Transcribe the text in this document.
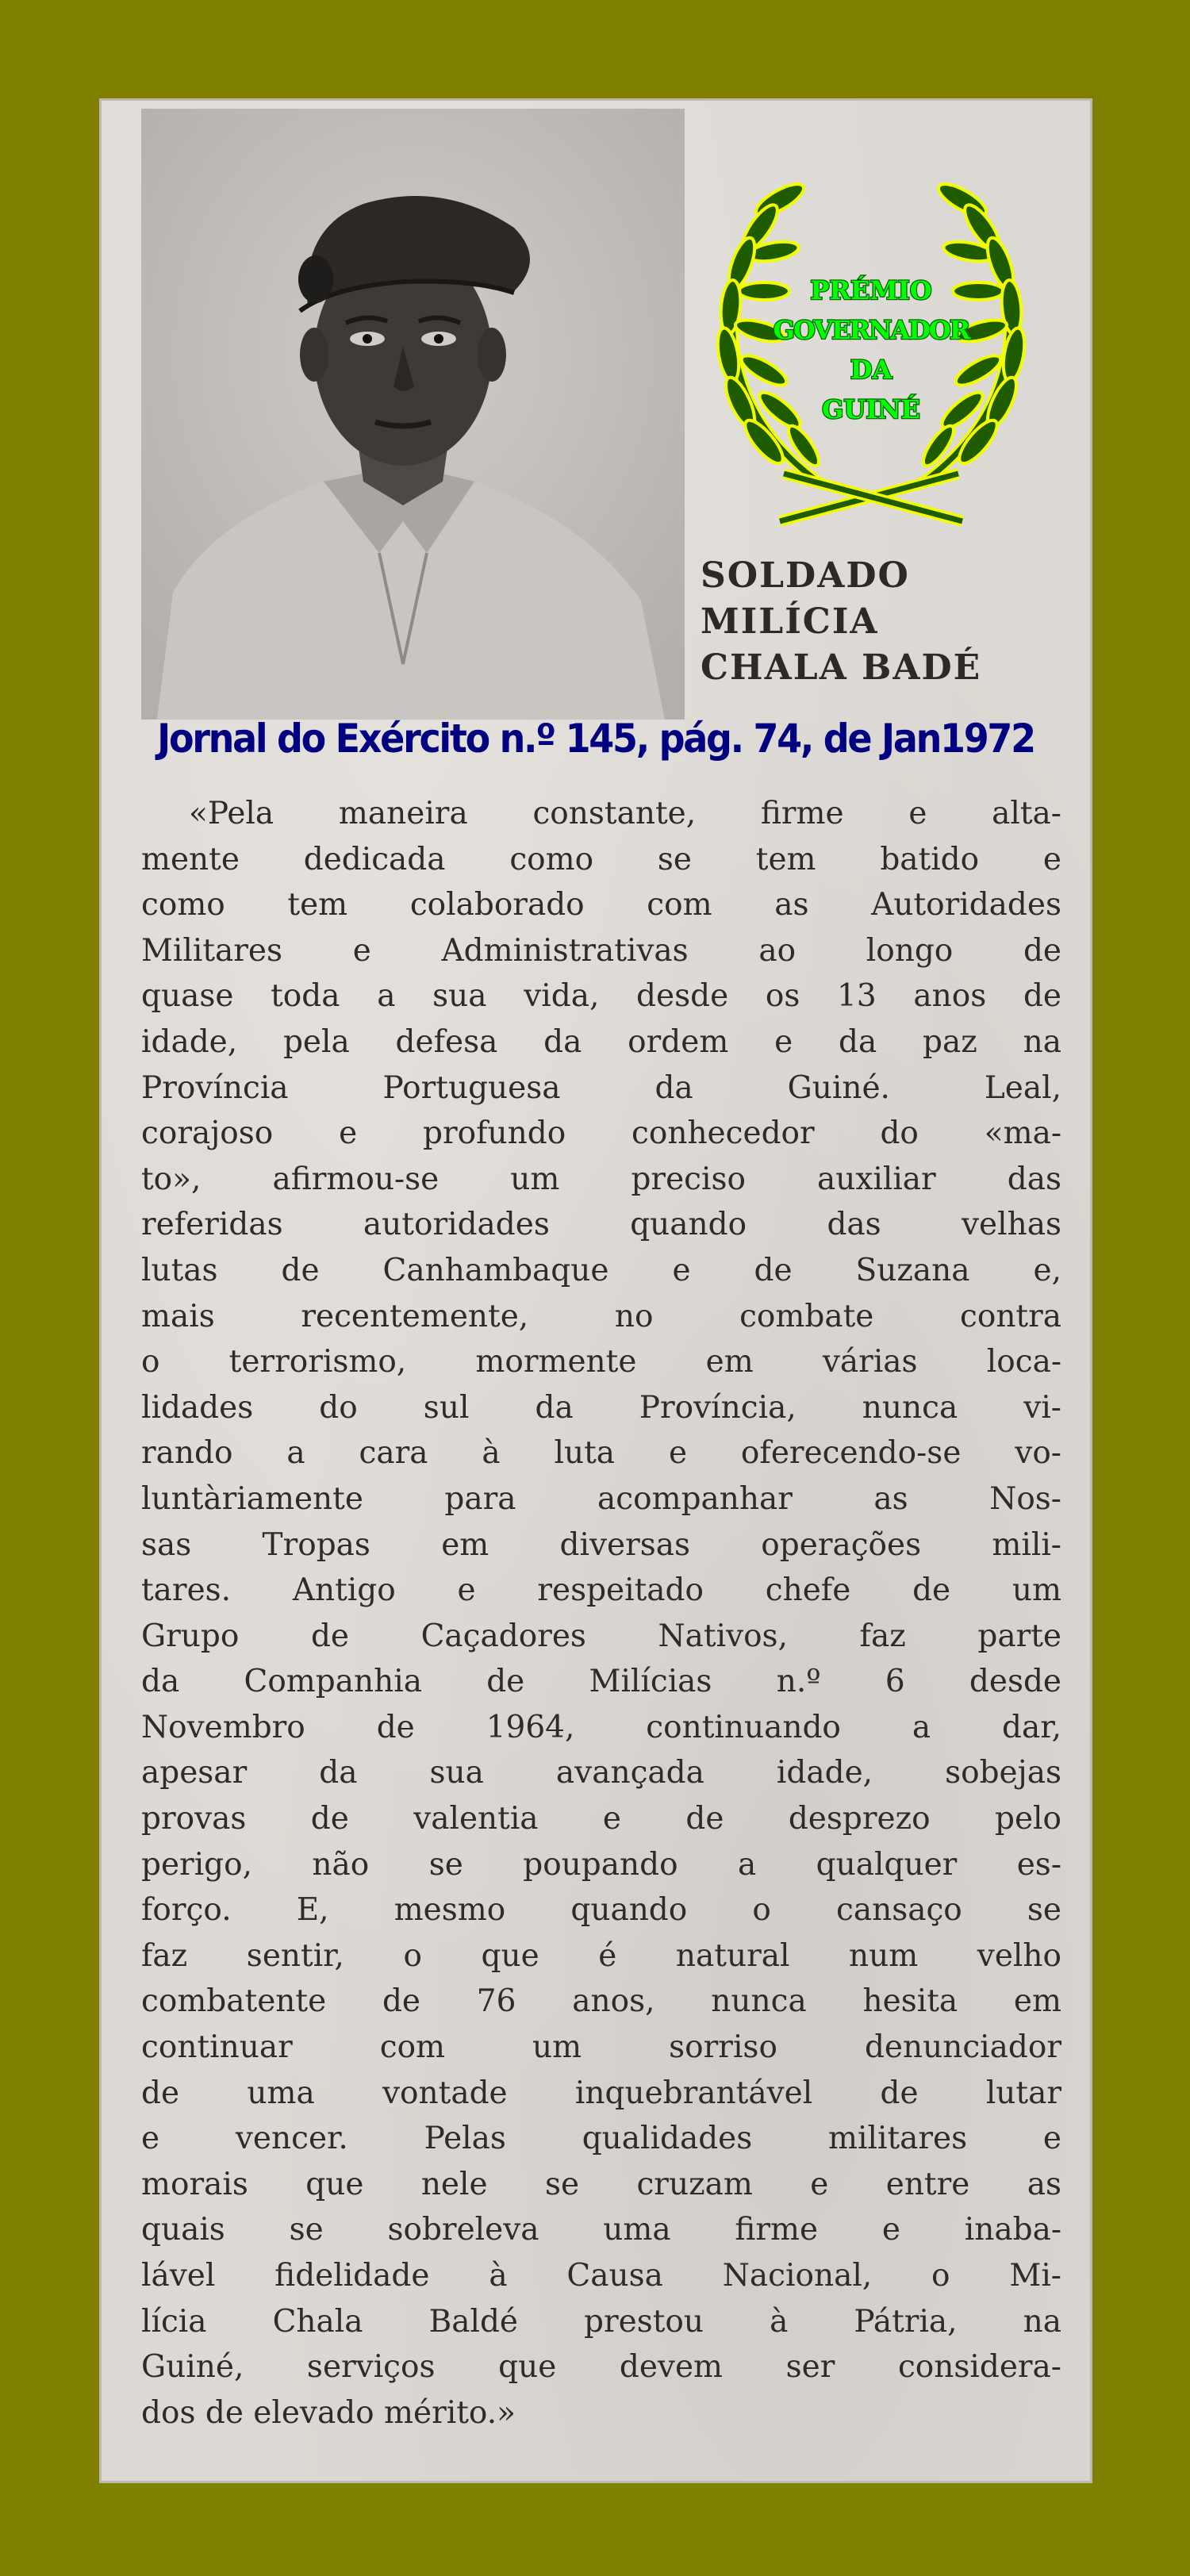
PRÉMIO
GOVERNADOR
DA
GUINÉ
SOLDADO
MILÍCIA
CHALA BADÉ
Jornal do Exército n.º 145, pág. 74, de Jan1972
«Pela maneira constante, firme e alta-
mente dedicada como se tem batido e
como tem colaborado com as Autoridades
Militares e Administrativas ao longo de
quase toda a sua vida, desde os 13 anos de
idade, pela defesa da ordem e da paz na
Província Portuguesa da Guiné. Leal,
corajoso e profundo conhecedor do «ma-
to», afirmou-se um preciso auxiliar das
referidas autoridades quando das velhas
lutas de Canhambaque e de Suzana e,
mais recentemente, no combate contra
o terrorismo, mormente em várias loca-
lidades do sul da Província, nunca vi-
rando a cara à luta e oferecendo-se vo-
luntàriamente para acompanhar as Nos-
sas Tropas em diversas operações mili-
tares. Antigo e respeitado chefe de um
Grupo de Caçadores Nativos, faz parte
da Companhia de Milícias n.º 6 desde
Novembro de 1964, continuando a dar,
apesar da sua avançada idade, sobejas
provas de valentia e de desprezo pelo
perigo, não se poupando a qualquer es-
forço. E, mesmo quando o cansaço se
faz sentir, o que é natural num velho
combatente de 76 anos, nunca hesita em
continuar com um sorriso denunciador
de uma vontade inquebrantável de lutar
e vencer. Pelas qualidades militares e
morais que nele se cruzam e entre as
quais se sobreleva uma firme e inaba-
lável fidelidade à Causa Nacional, o Mi-
lícia Chala Baldé prestou à Pátria, na
Guiné, serviços que devem ser considera-
dos de elevado mérito.»
